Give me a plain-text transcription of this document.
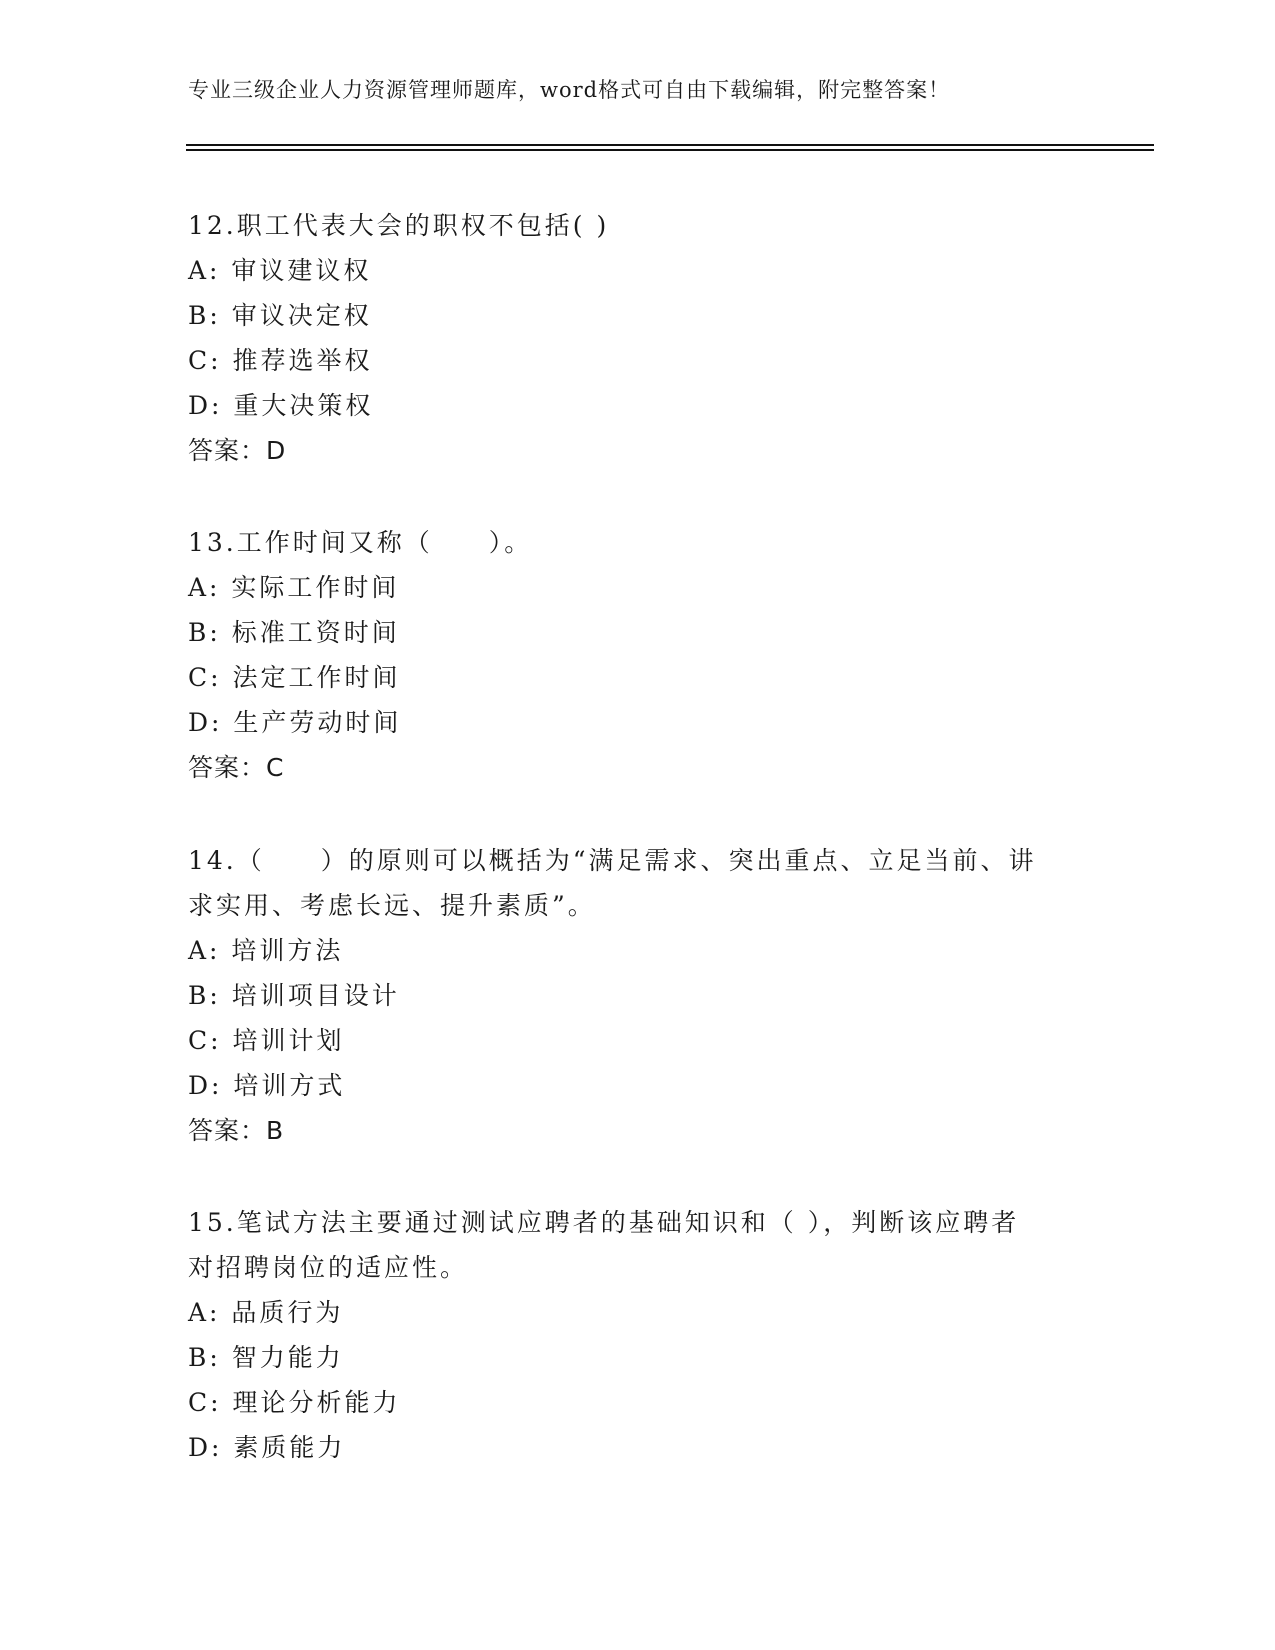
专业三级企业人力资源管理师题库，word格式可自由下载编辑，附完整答案！
12.职工代表大会的职权不包括( )
A: 审议建议权
B: 审议决定权
C: 推荐选举权
D: 重大决策权
答案：D
13.工作时间又称（　　）。
A: 实际工作时间
B: 标准工资时间
C: 法定工作时间
D: 生产劳动时间
答案：C
14.（　　）的原则可以概括为“满足需求、突出重点、立足当前、讲
求实用、考虑长远、提升素质”。
A: 培训方法
B: 培训项目设计
C: 培训计划
D: 培训方式
答案：B
15.笔试方法主要通过测试应聘者的基础知识和（ ），判断该应聘者
对招聘岗位的适应性。
A: 品质行为
B: 智力能力
C: 理论分析能力
D: 素质能力
